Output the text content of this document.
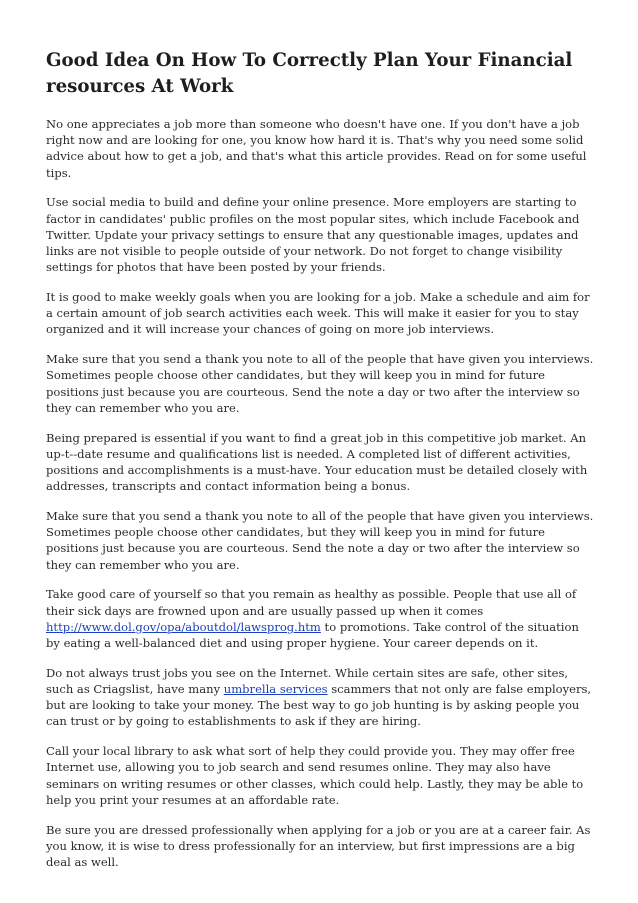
Good Idea On How To Correctly Plan Your Financial resources At Work

No one appreciates a job more than someone who doesn't have one. If you don't have a job right now and are looking for one, you know how hard it is. That's why you need some solid advice about how to get a job, and that's what this article provides. Read on for some useful tips.

Use social media to build and define your online presence. More employers are starting to factor in candidates' public profiles on the most popular sites, which include Facebook and Twitter. Update your privacy settings to ensure that any questionable images, updates and links are not visible to people outside of your network. Do not forget to change visibility settings for photos that have been posted by your friends.

It is good to make weekly goals when you are looking for a job. Make a schedule and aim for a certain amount of job search activities each week. This will make it easier for you to stay organized and it will increase your chances of going on more job interviews.

Make sure that you send a thank you note to all of the people that have given you interviews. Sometimes people choose other candidates, but they will keep you in mind for future positions just because you are courteous. Send the note a day or two after the interview so they can remember who you are.

Being prepared is essential if you want to find a great job in this competitive job market. An up-t--date resume and qualifications list is needed. A completed list of different activities, positions and accomplishments is a must-have. Your education must be detailed closely with addresses, transcripts and contact information being a bonus.

Make sure that you send a thank you note to all of the people that have given you interviews. Sometimes people choose other candidates, but they will keep you in mind for future positions just because you are courteous. Send the note a day or two after the interview so they can remember who you are.

Take good care of yourself so that you remain as healthy as possible. People that use all of their sick days are frowned upon and are usually passed up when it comes http://www.dol.gov/opa/aboutdol/lawsprog.htm to promotions. Take control of the situation by eating a well-balanced diet and using proper hygiene. Your career depends on it.

Do not always trust jobs you see on the Internet. While certain sites are safe, other sites, such as Criagslist, have many umbrella services scammers that not only are false employers, but are looking to take your money. The best way to go job hunting is by asking people you can trust or by going to establishments to ask if they are hiring.

Call your local library to ask what sort of help they could provide you. They may offer free Internet use, allowing you to job search and send resumes online. They may also have seminars on writing resumes or other classes, which could help. Lastly, they may be able to help you print your resumes at an affordable rate.

Be sure you are dressed professionally when applying for a job or you are at a career fair. As you know, it is wise to dress professionally for an interview, but first impressions are a big deal as well.
